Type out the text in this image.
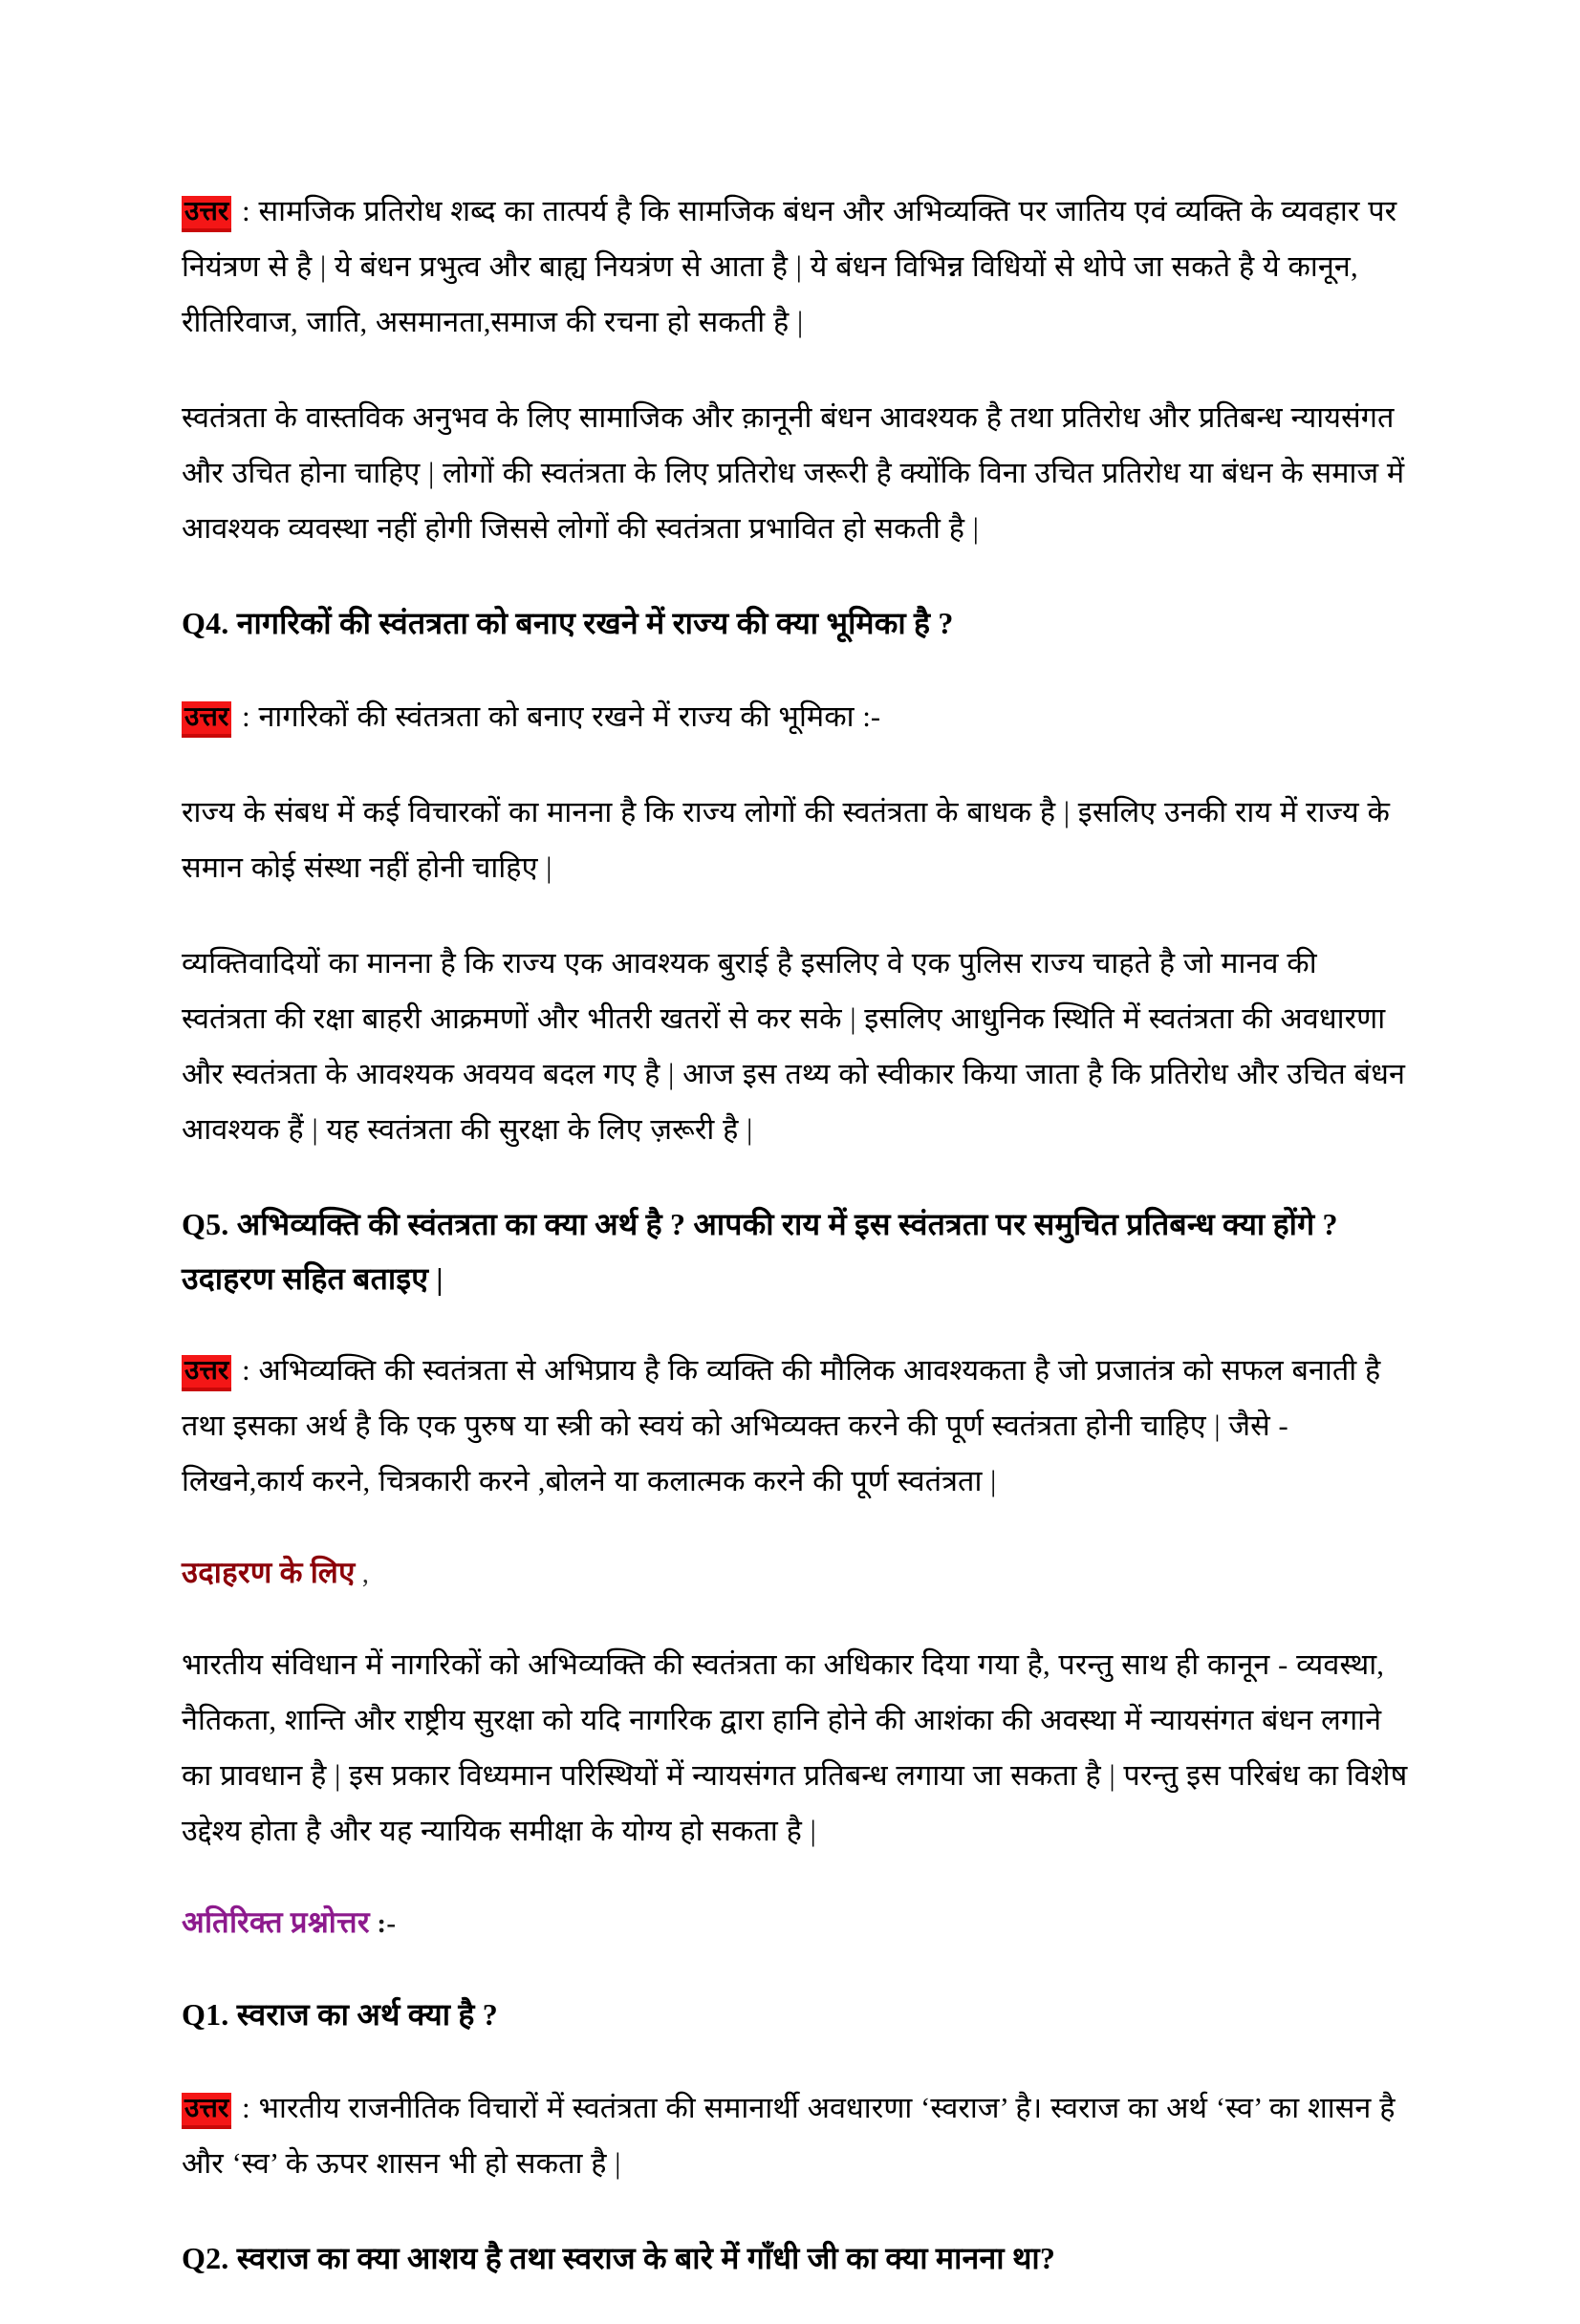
उत्तर : सामजिक प्रतिरोध शब्द का तात्पर्य है कि सामजिक बंधन और अभिव्यक्ति पर जातिय एवं व्यक्ति के व्यवहार पर नियंत्रण से है | ये बंधन प्रभुत्व और बाह्य नियत्रंण से आता है | ये बंधन विभिन्न विधियों से थोपे जा सकते है ये कानून, रीतिरिवाज, जाति, असमानता,समाज की रचना हो सकती है |

स्वतंत्रता के वास्तविक अनुभव के लिए सामाजिक और क़ानूनी बंधन आवश्यक है तथा प्रतिरोध और प्रतिबन्ध न्यायसंगत और उचित होना चाहिए | लोगों की स्वतंत्रता के लिए प्रतिरोध जरूरी है क्योंकि विना उचित प्रतिरोध या बंधन के समाज में आवश्यक व्यवस्था नहीं होगी जिससे लोगों की स्वतंत्रता प्रभावित हो सकती है |

Q4. नागरिकों की स्वंतत्रता को बनाए रखने में राज्य की क्या भूमिका है ?

उत्तर : नागरिकों की स्वंतत्रता को बनाए रखने में राज्य की भूमिका :-

राज्य के संबध में कई विचारकों का मानना है कि राज्य लोगों की स्वतंत्रता के बाधक है | इसलिए उनकी राय में राज्य के समान कोई संस्था नहीं होनी चाहिए |

व्यक्तिवादियों का मानना है कि राज्य एक आवश्यक बुराई है इसलिए वे एक पुलिस राज्य चाहते है जो मानव की स्वतंत्रता की रक्षा बाहरी आक्रमणों और भीतरी खतरों से कर सके | इसलिए आधुनिक स्थिति में स्वतंत्रता की अवधारणा और स्वतंत्रता के आवश्यक अवयव बदल गए है | आज इस तथ्य को स्वीकार किया जाता है कि प्रतिरोध और उचित बंधन आवश्यक हैं | यह स्वतंत्रता की सुरक्षा के लिए ज़रूरी है |

Q5. अभिव्यक्ति की स्वंतत्रता का क्या अर्थ है ? आपकी राय में इस स्वंतत्रता पर समुचित प्रतिबन्ध क्या होंगे ? उदाहरण सहित बताइए |

उत्तर : अभिव्यक्ति की स्वतंत्रता से अभिप्राय है कि व्यक्ति की मौलिक आवश्यकता है जो प्रजातंत्र को सफल बनाती है तथा इसका अर्थ है कि एक पुरुष या स्त्री को स्वयं को अभिव्यक्त करने की पूर्ण स्वतंत्रता होनी चाहिए | जैसे - लिखने,कार्य करने, चित्रकारी करने ,बोलने या कलात्मक करने की पूर्ण स्वतंत्रता |

उदाहरण के लिए ,

भारतीय संविधान में नागरिकों को अभिव्यक्ति की स्वतंत्रता का अधिकार दिया गया है, परन्तु साथ ही कानून - व्यवस्था, नैतिकता, शान्ति और राष्ट्रीय सुरक्षा को यदि नागरिक द्वारा हानि होने की आशंका की अवस्था में न्यायसंगत बंधन लगाने का प्रावधान है | इस प्रकार विध्यमान परिस्थियों में न्यायसंगत प्रतिबन्ध लगाया जा सकता है | परन्तु इस परिबंध का विशेष उद्देश्य होता है और यह न्यायिक समीक्षा के योग्य हो सकता है |

अतिरिक्त प्रश्नोत्तर :-
Q1. स्वराज का अर्थ क्या है ?

उत्तर : भारतीय राजनीतिक विचारों में स्वतंत्रता की समानार्थी अवधारणा ‘स्वराज’ है। स्वराज का अर्थ ‘स्व’ का शासन है और ‘स्व’ के ऊपर शासन भी हो सकता है |

Q2. स्वराज का क्या आशय है तथा स्वराज के बारे में गाँधी जी का क्या मानना था?
